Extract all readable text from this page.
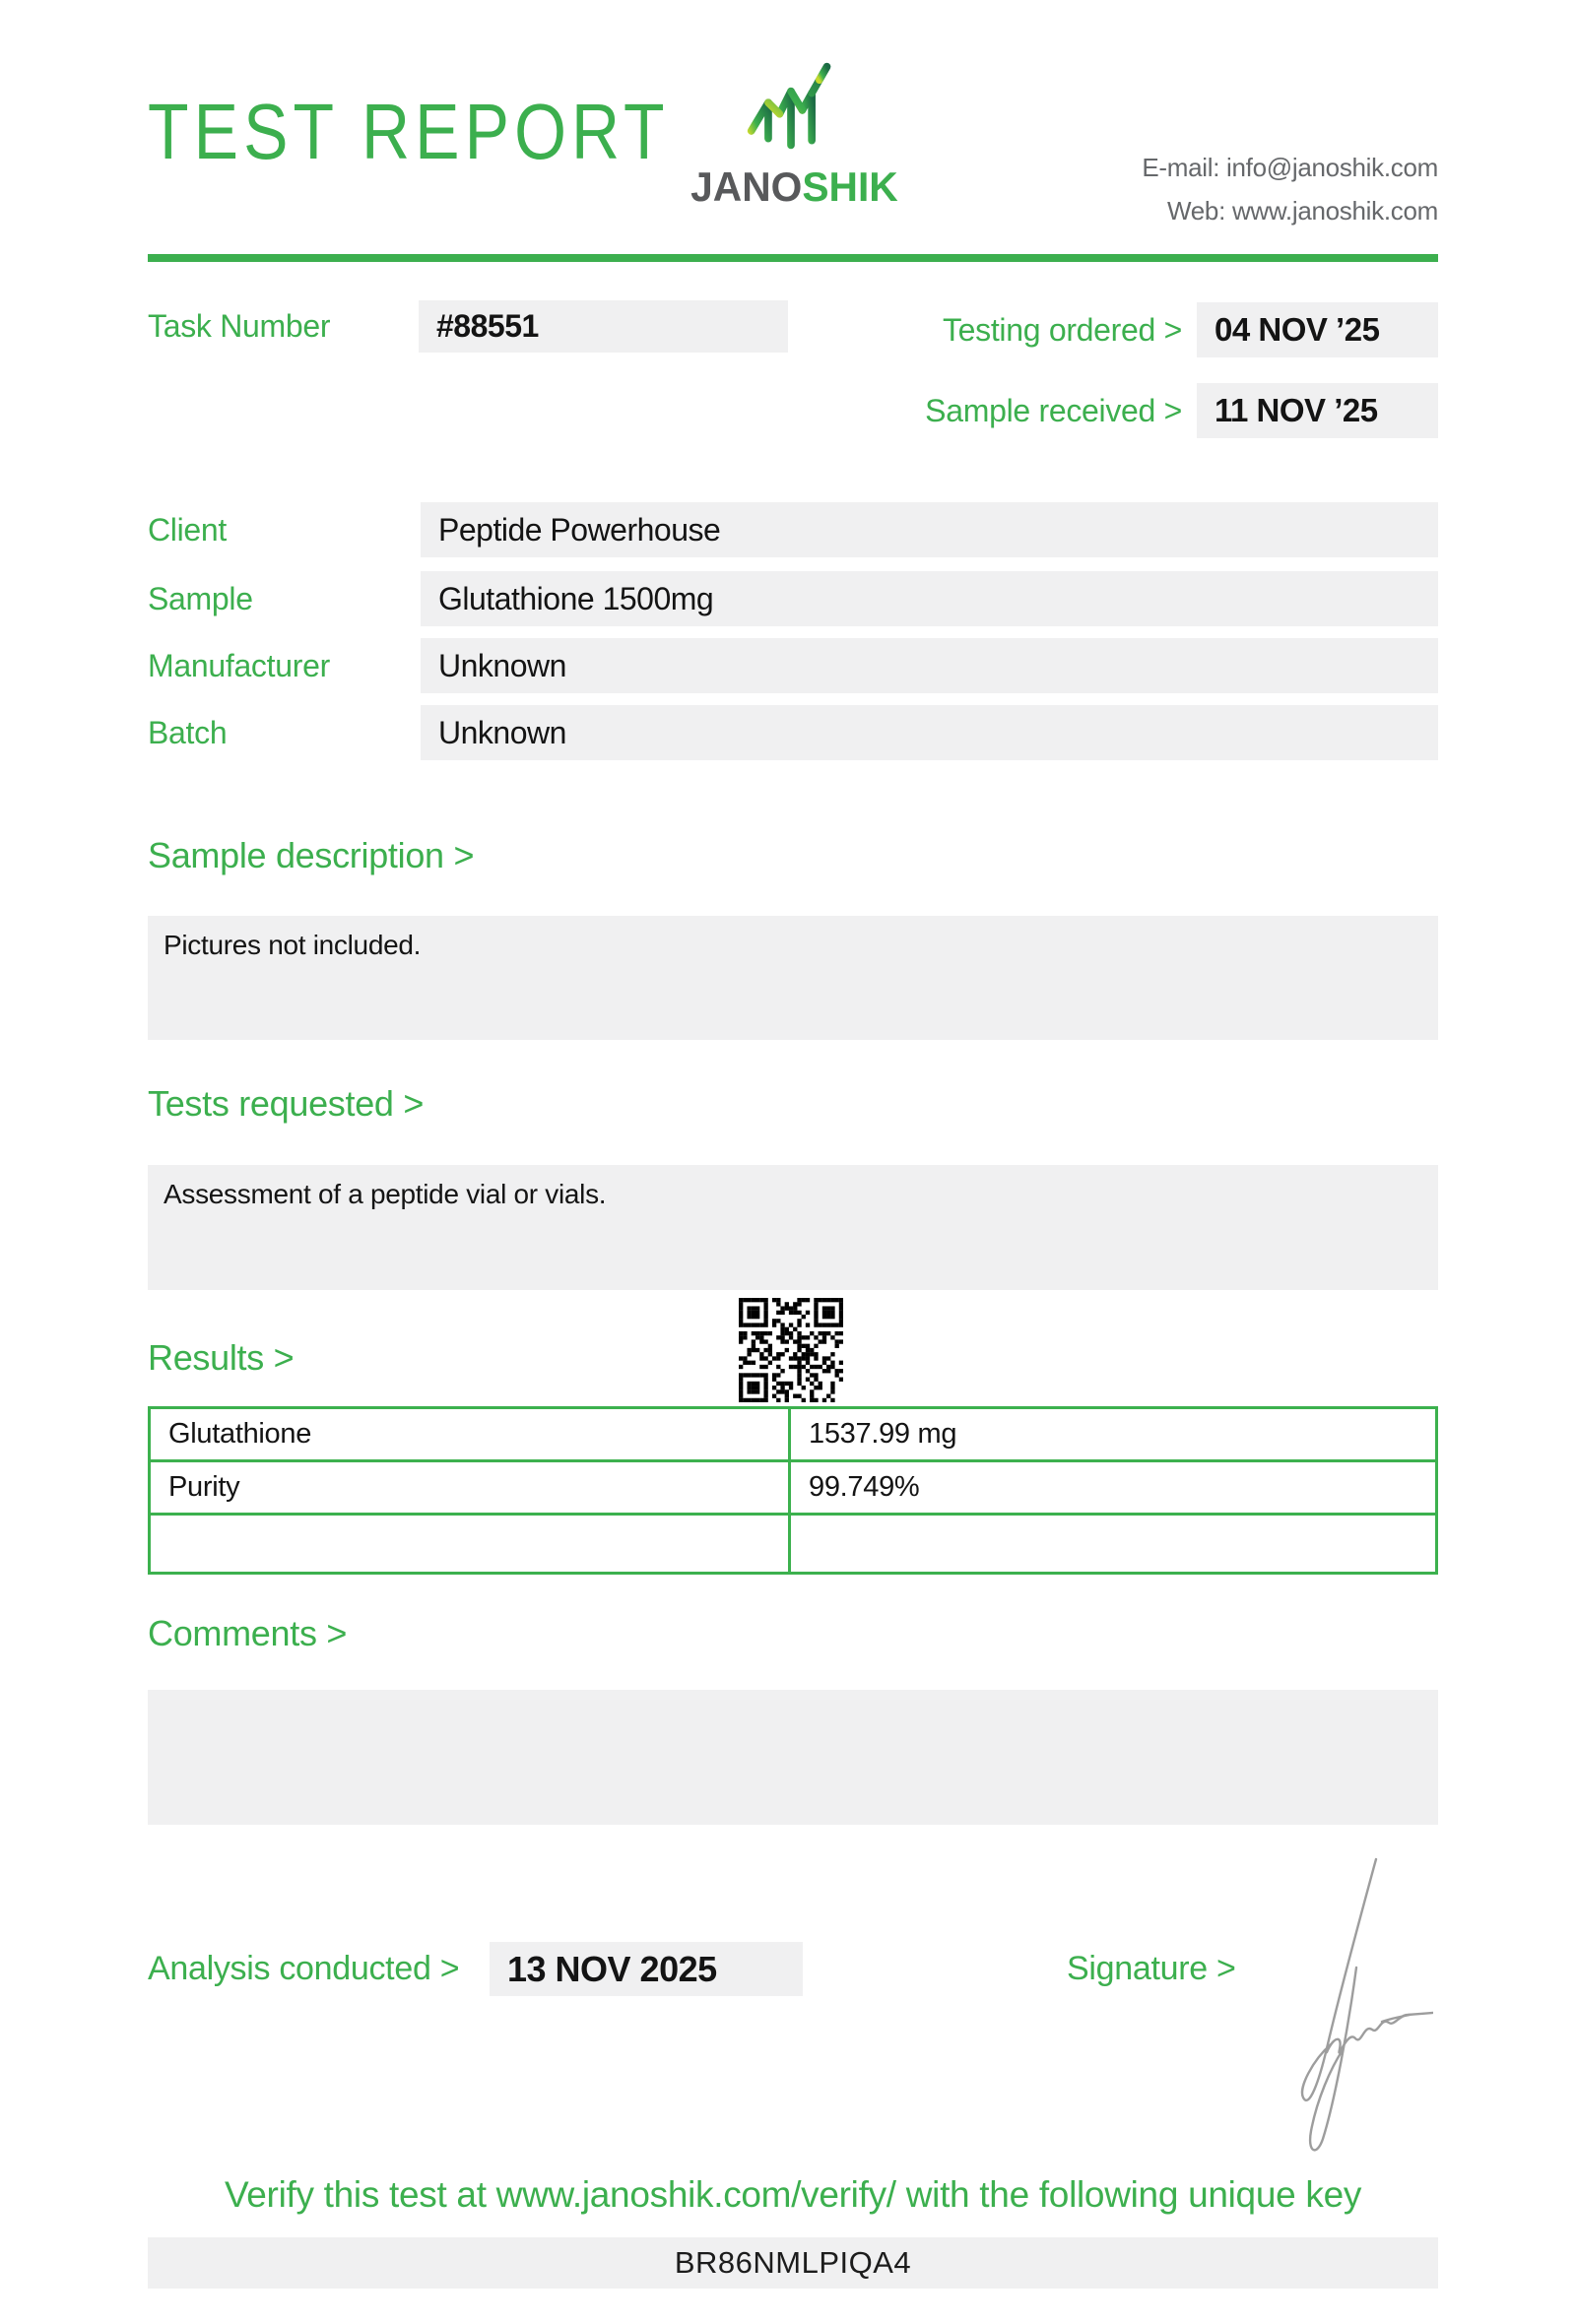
TEST REPORT
JANOSHIK	E-mail: info@janoshik.com
Web: www.janoshik.com
Task Number	#88551	Testing ordered >	04 NOV ’25
Sample received >	11 NOV ’25
Client	Peptide Powerhouse
Sample	Glutathione 1500mg
Manufacturer	Unknown
Batch	Unknown
Sample description >
Pictures not included.
Tests requested >
Assessment of a peptide vial or vials.
Results >
Glutathione	1537.99 mg
Purity	99.749%

Comments >
Analysis conducted >	13 NOV 2025	Signature >
Verify this test at www.janoshik.com/verify/ with the following unique key
BR86NMLPIQA4
